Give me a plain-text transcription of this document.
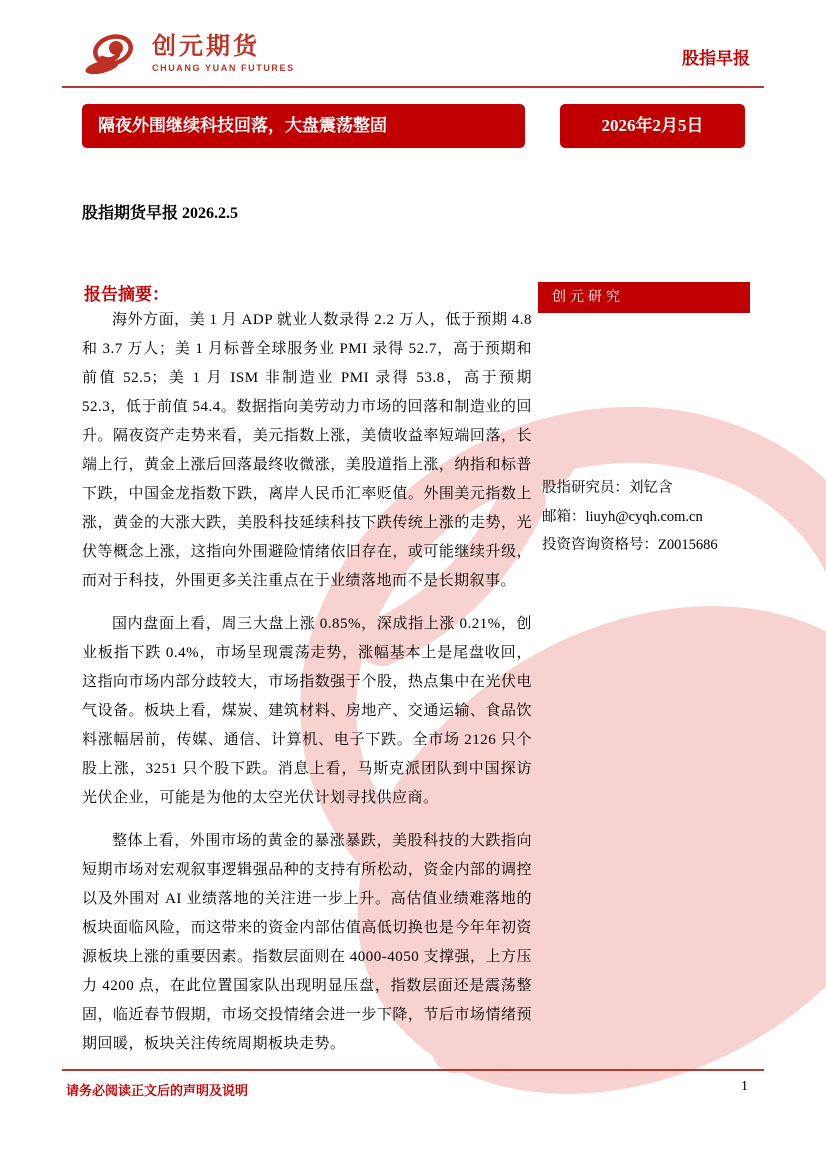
创元期货
CHUANG YUAN FUTURES	股指早报
隔夜外围继续科技回落，大盘震荡整固	2026年2月5日
股指期货早报 2026.2.5
报告摘要：

海外方面，美 1 月 ADP 就业人数录得 2.2 万人，低于预期 4.8 和 3.7 万人；美 1 月标普全球服务业 PMI 录得 52.7，高于预期和前值 52.5；美 1 月 ISM 非制造业 PMI 录得 53.8，高于预期 52.3，低于前值 54.4。数据指向美劳动力市场的回落和制造业的回升。隔夜资产走势来看，美元指数上涨，美债收益率短端回落，长端上行，黄金上涨后回落最终收微涨，美股道指上涨，纳指和标普下跌，中国金龙指数下跌，离岸人民币汇率贬值。外围美元指数上涨，黄金的大涨大跌，美股科技延续科技下跌传统上涨的走势，光伏等概念上涨，这指向外围避险情绪依旧存在，或可能继续升级，而对于科技，外围更多关注重点在于业绩落地而不是长期叙事。

国内盘面上看，周三大盘上涨 0.85%，深成指上涨 0.21%，创业板指下跌 0.4%，市场呈现震荡走势，涨幅基本上是尾盘收回，这指向市场内部分歧较大，市场指数强于个股，热点集中在光伏电气设备。板块上看，煤炭、建筑材料、房地产、交通运输、食品饮料涨幅居前，传媒、通信、计算机、电子下跌。全市场 2126 只个股上涨，3251 只个股下跌。消息上看，马斯克派团队到中国探访光伏企业，可能是为他的太空光伏计划寻找供应商。

整体上看，外围市场的黄金的暴涨暴跌，美股科技的大跌指向短期市场对宏观叙事逻辑强品种的支持有所松动，资金内部的调控以及外围对 AI 业绩落地的关注进一步上升。高估值业绩难落地的板块面临风险，而这带来的资金内部估值高低切换也是今年年初资源板块上涨的重要因素。指数层面则在 4000-4050 支撑强，上方压力 4200 点，在此位置国家队出现明显压盘，指数层面还是震荡整固，临近春节假期，市场交投情绪会进一步下降，节后市场情绪预期回暖，板块关注传统周期板块走势。

创元研究
股指研究员：刘钇含
邮箱：liuyh@cyqh.com.cn
投资咨询资格号：Z0015686
请务必阅读正文后的声明及说明	1
